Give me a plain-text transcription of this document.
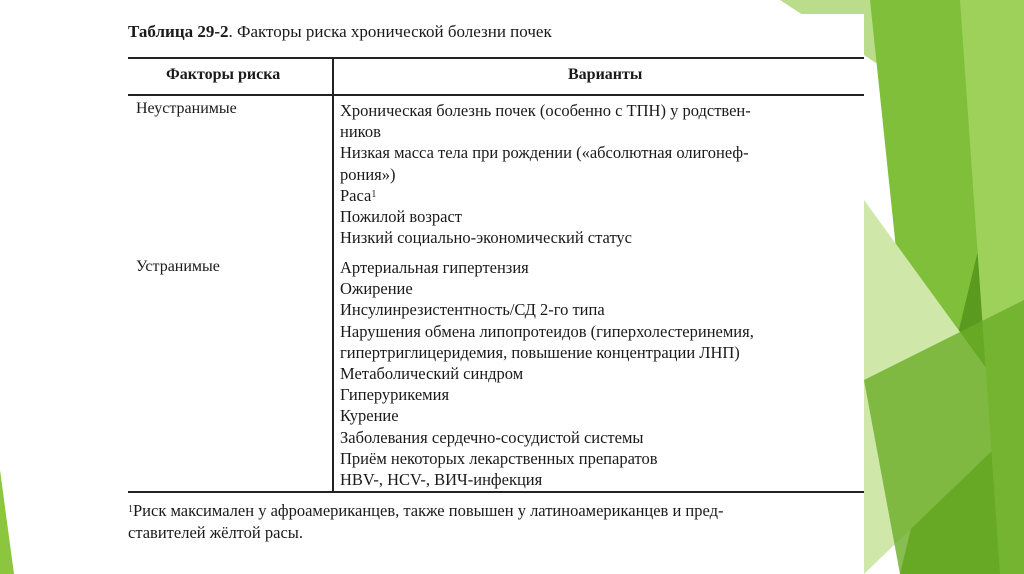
Таблица 29-2. Факторы риска хронической болезни почек
Факторы риска	Варианты
Неустранимые	Хроническая болезнь почек (особенно с ТПН) у родствен-
ников
Низкая масса тела при рождении («абсолютная олигонеф-
рония»)
Раса$^1$
Пожилой возраст
Низкий социально-экономический статус
Устранимые	Артериальная гипертензия
Ожирение
Инсулинрезистентность/СД 2-го типа
Нарушения обмена липопротеидов (гиперхолестеринемия,
гипертриглицеридемия, повышение концентрации ЛНП)
Метаболический синдром
Гиперурикемия
Курение
Заболевания сердечно-сосудистой системы
Приём некоторых лекарственных препаратов
HBV-, HCV-, ВИЧ-инфекция
$^1$Риск максимален у афроамериканцев, также повышен у латиноамериканцев и пред-
ставителей жёлтой расы.
